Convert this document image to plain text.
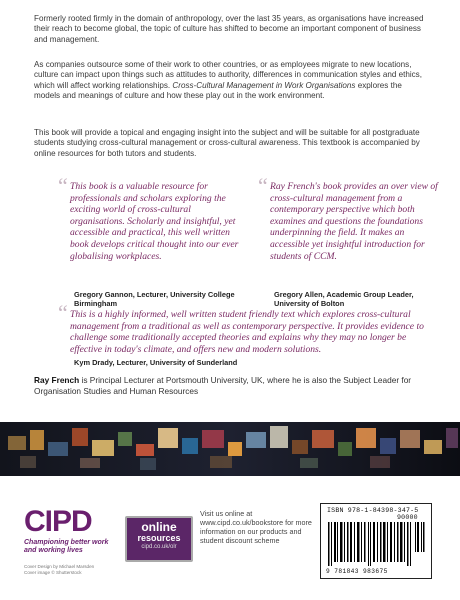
Formerly rooted firmly in the domain of anthropology, over the last 35 years, as organisations have increased their reach to become global, the topic of culture has shifted to become an important component of business and management.

As companies outsource some of their work to other countries, or as employees migrate to new locations, culture can impact upon things such as attitudes to authority, differences in communication styles and ethics, which will affect working relationships. Cross-Cultural Management in Work Organisations explores the models and meanings of culture and how these play out in the work environment.

This book will provide a topical and engaging insight into the subject and will be suitable for all postgraduate students studying cross-cultural management or cross-cultural awareness. This textbook is accompanied by online resources for both tutors and students.

“ This book is a valuable resource for professionals and scholars exploring the exciting world of cross-cultural organisations. Scholarly and insightful, yet accessible and practical, this well written book develops critical thought into our ever globalising workplaces.
Gregory Gannon, Lecturer, University College Birmingham
“ Ray French's book provides an over view of cross-cultural management from a contemporary perspective which both examines and questions the foundations underpinning the field. It makes an accessible yet insightful introduction for students of CCM.
Gregory Allen, Academic Group Leader, University of Bolton
“ This is a highly informed, well written student friendly text which explores cross-cultural management from a traditional as well as contemporary perspective. It provides evidence to challenge some traditionally accepted theories and explains why they may no longer be effective in today's climate, and offers new and modern solutions.
Kym Drady, Lecturer, University of Sunderland
Ray French is Principal Lecturer at Portsmouth University, UK, where he is also the Subject Leader for Organisation Studies and Human Resources
CIPD
Championing better work and working lives
Cover Design by Michael Marsden
Cover image © Shutterstock
online
resources
cipd.co.uk/olr
Visit us online at www.cipd.co.uk/bookstore for more information on our products and student discount scheme
ISBN 978-1-84398-347-5
90000
9 781843 983675
